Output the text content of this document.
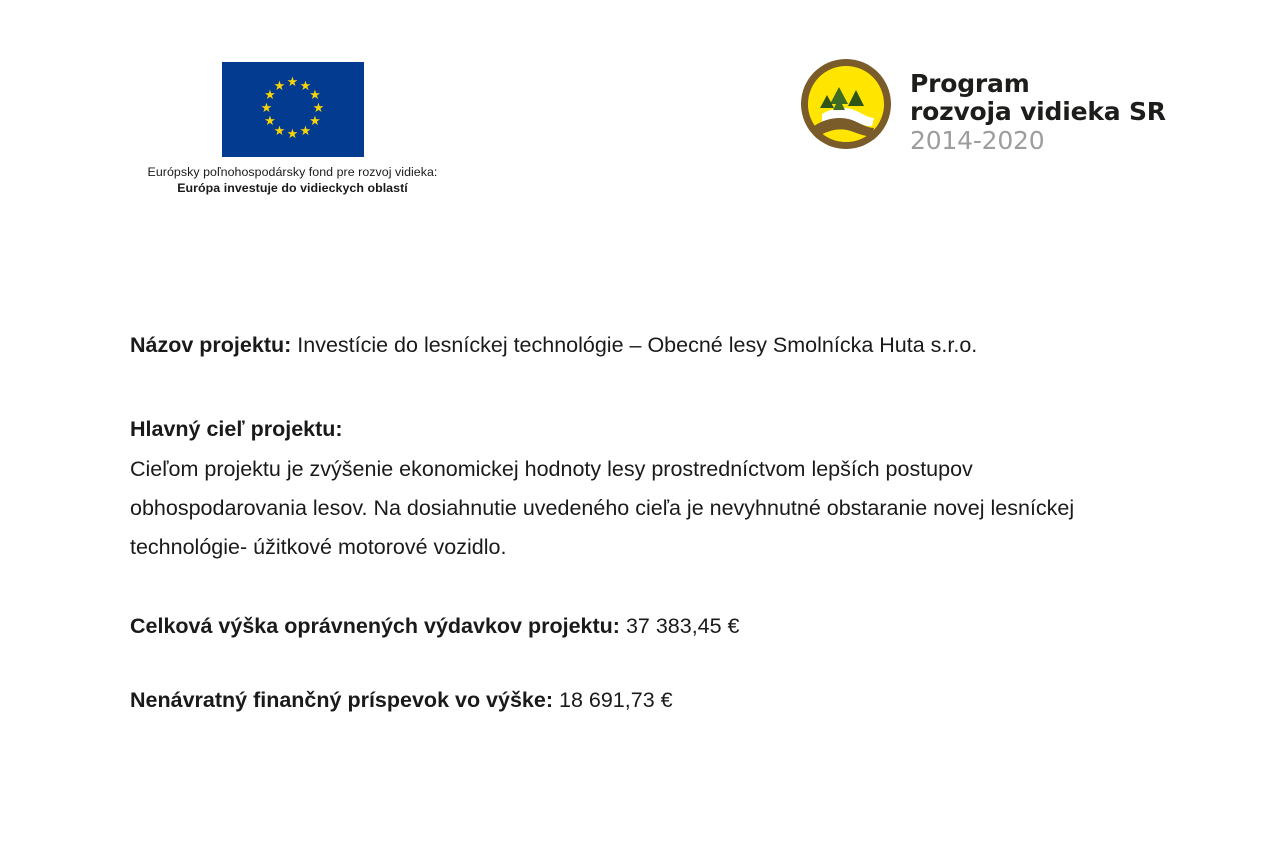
★
★ ★
★	★
★	★
★	★
★ ★
★
Európsky poľnohospodársky fond pre rozvoj vidieka:
Európa investuje do vidieckych oblastí
Program
rozvoja vidieka SR
2014-2020
Názov projektu: Investície do lesníckej technológie – Obecné lesy Smolnícka Huta s.r.o.
Hlavný cieľ projektu:
Cieľom projektu je zvýšenie ekonomickej hodnoty lesy prostredníctvom lepších postupov obhospodarovania lesov. Na dosiahnutie uvedeného cieľa je nevyhnutné obstaranie novej lesníckej technológie- úžitkové motorové vozidlo.
Celková výška oprávnených výdavkov projektu: 37 383,45 €
Nenávratný finančný príspevok vo výške: 18 691,73 €
